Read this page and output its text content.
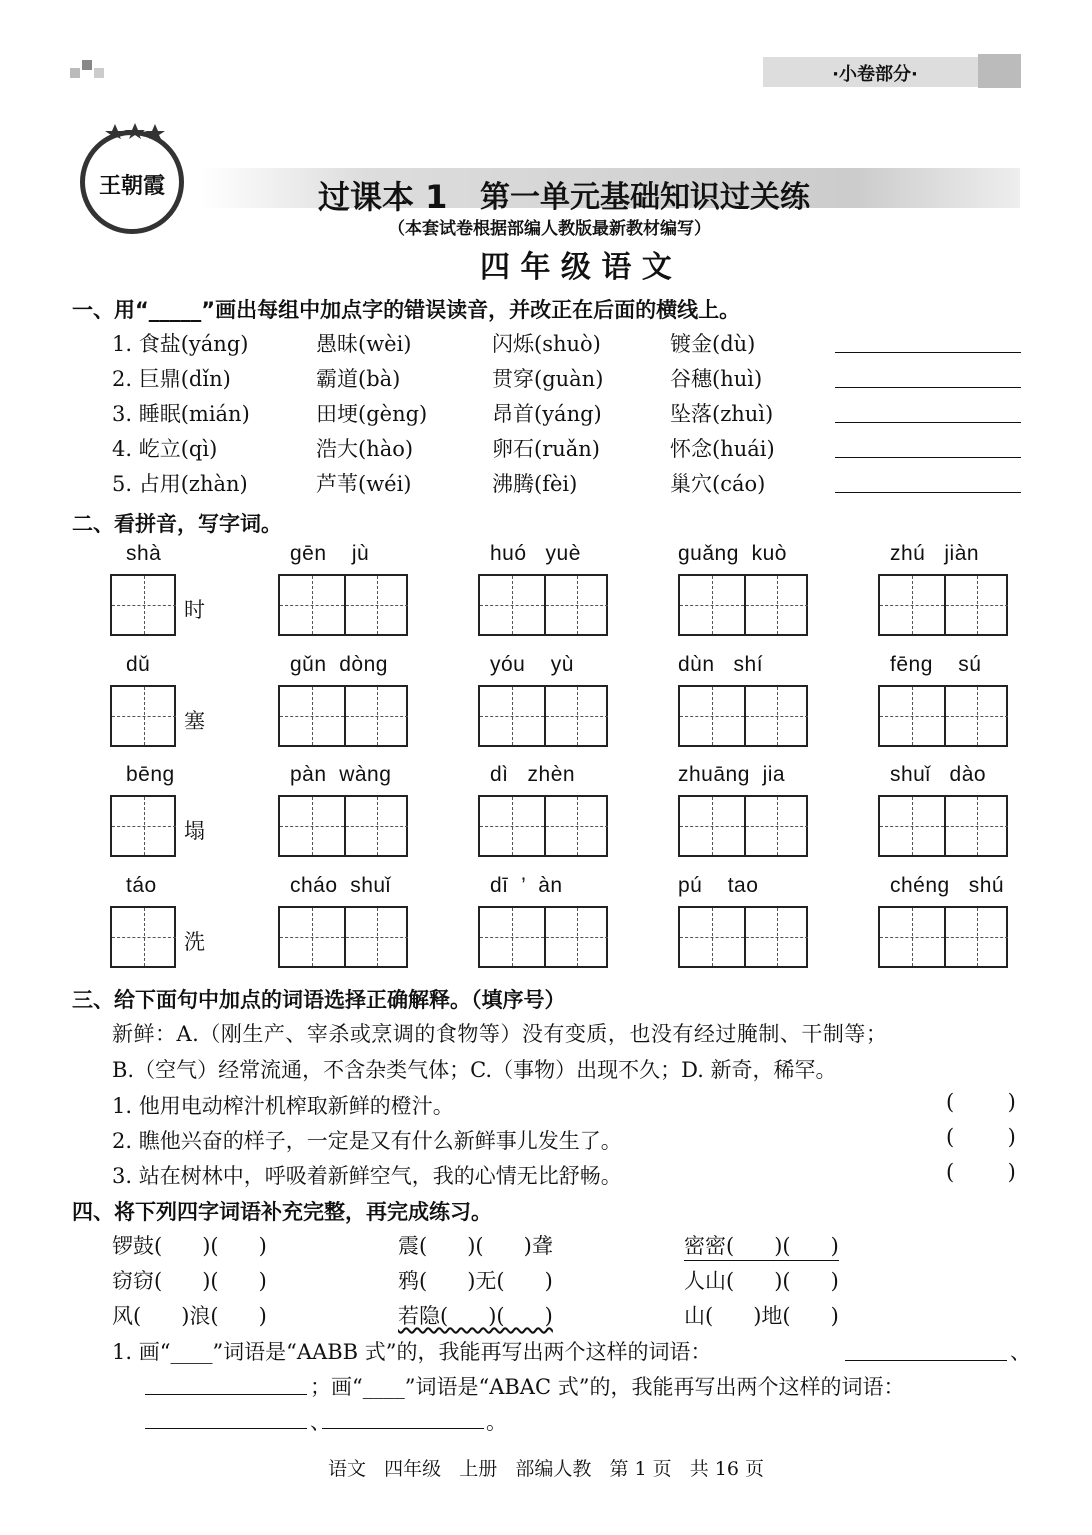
·小卷部分·
王朝霞	过课本 1 第一单元基础知识过关练
（本套试卷根据部编人教版最新教材编写）
四 年 级 语 文
一、用“_____”画出每组中加点字的错误读音，并改正在后面的横线上。
1. 食盐(yáng)	愚昧(wèi)	闪烁(shuò)	镀金(dù)
2. 巨鼎(dǐn)	霸道(bà)	贯穿(guàn)	谷穗(huì)
3. 睡眠(mián)	田埂(gèng)	昂首(yáng)	坠落(zhuì)
4. 屹立(qì)	浩大(hào)	卵石(ruǎn)	怀念(huái)
5. 占用(zhàn)	芦苇(wéi)	沸腾(fèi)	巢穴(cáo)
二、看拼音，写字词。
shà	gēn    jù	huó   yuè	guǎng  kuò	zhú   jiàn
时
dǔ	gǔn  dòng	yóu    yù	dùn   shí	fēng    sú
塞
bēng	pàn  wàng	dì   zhèn	zhuāng  jia	shuǐ   dào
塌
táo	cháo  shuǐ	dī  ’  àn	pú    tao	chéng   shú
洗
三、给下面句中加点的词语选择正确解释。（填序号）
新鲜：A.（刚生产、宰杀或烹调的食物等）没有变质，也没有经过腌制、干制等；
B.（空气）经常流通，不含杂类气体；C.（事物）出现不久；D. 新奇，稀罕。
1. 他用电动榨汁机榨取新鲜的橙汁。	(        )
2. 瞧他兴奋的样子，一定是又有什么新鲜事儿发生了。	(        )
3. 站在树林中，呼吸着新鲜空气，我的心情无比舒畅。	(        )
四、将下列四字词语补充完整，再完成练习。
锣鼓(      )(      )	震(      )(      )聋	密密(      )(      )
窃窃(      )(      )	鸦(      )无(      )	人山(      )(      )
风(      )浪(      )	若隐(      )(      )	山(      )地(      )
1. 画“____”词语是“AABB 式”的，我能再写出两个这样的词语：	、
；画“____”词语是“ABAC 式”的，我能再写出两个这样的词语：
、	。
语文   四年级   上册   部编人教   第 1 页   共 16 页
